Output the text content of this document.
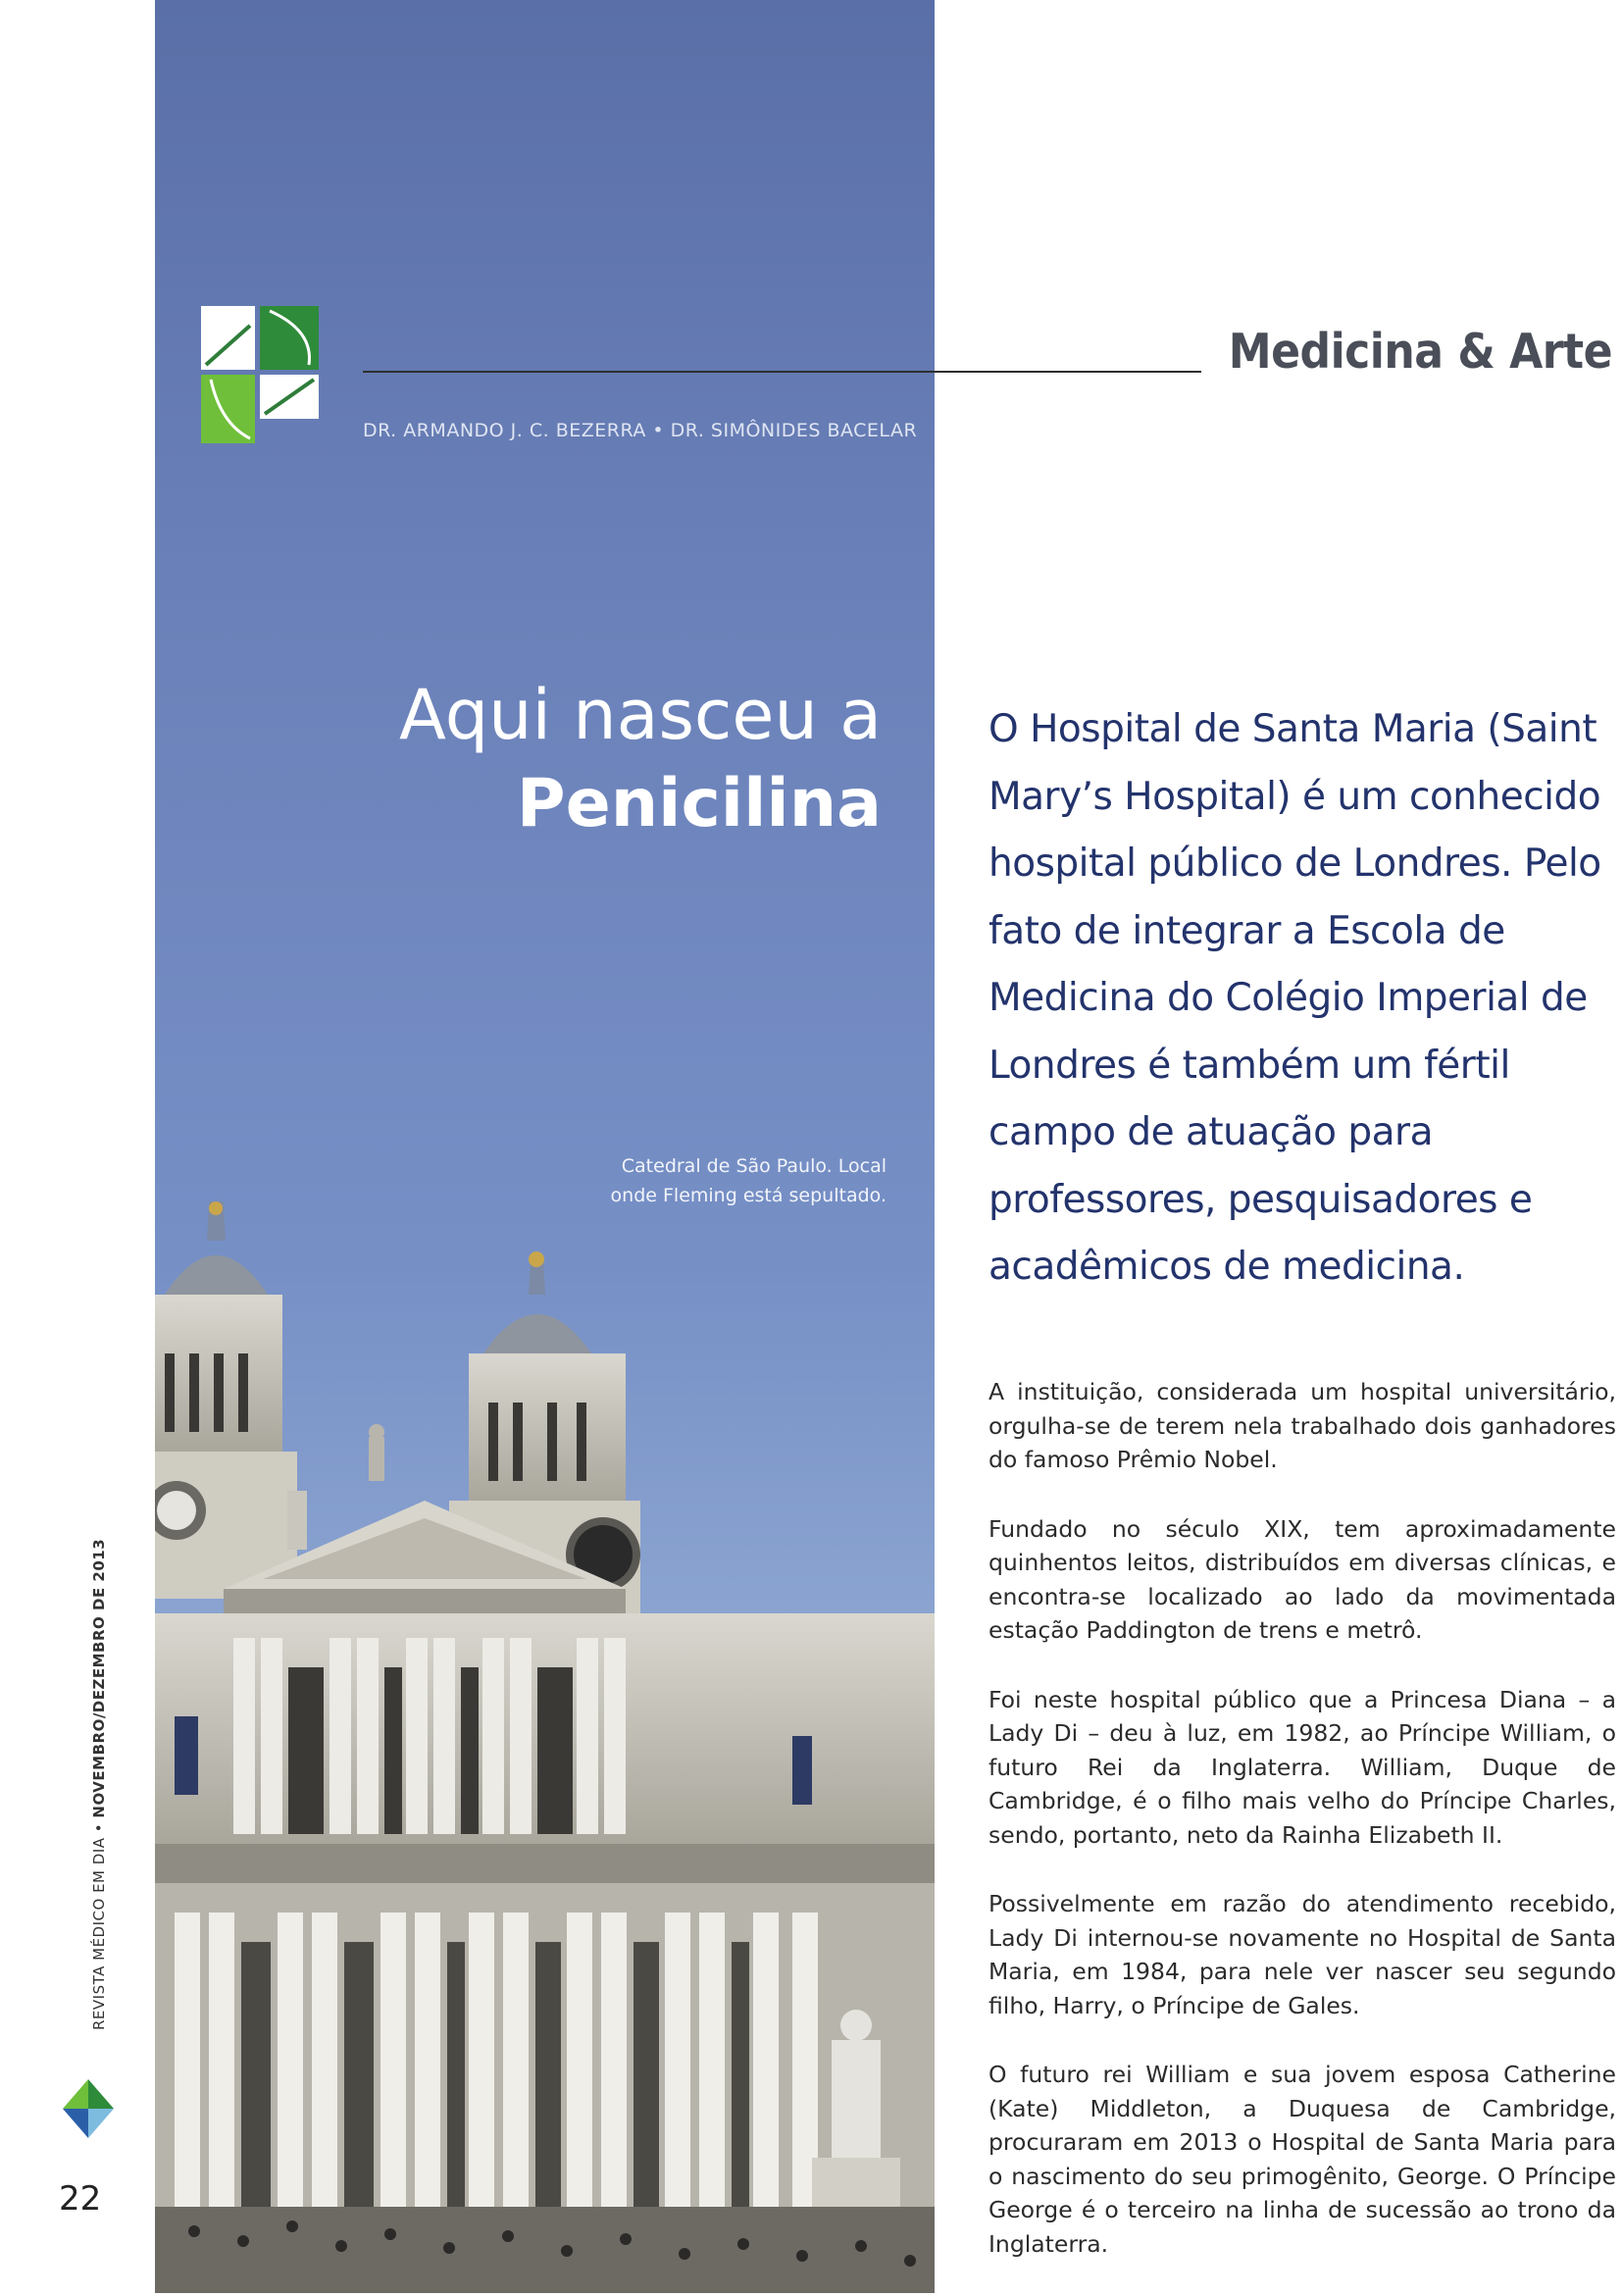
Medicina & Arte
DR. ARMANDO J. C. BEZERRA • DR. SIMÔNIDES BACELAR
Aqui nasceu a
Penicilina
Catedral de São Paulo. Local onde Fleming está sepultado.
O Hospital de Santa Maria (Saint Mary’s Hospital) é um conhecido hospital público de Londres. Pelo fato de integrar a Escola de Medicina do Colégio Imperial de Londres é também um fértil campo de atuação para professores, pesquisadores e acadêmicos de medicina.

A instituição, considerada um hospital universitário, orgulha-se de terem nela trabalhado dois ganhadores do famoso Prêmio Nobel.

Fundado no século XIX, tem aproximadamente quinhentos leitos, distribuídos em diversas clínicas, e encontra-se localizado ao lado da movimentada estação Paddington de trens e metrô.

Foi neste hospital público que a Princesa Diana – a Lady Di – deu à luz, em 1982, ao Príncipe William, o futuro Rei da Inglaterra. William, Duque de Cambridge, é o filho mais velho do Príncipe Charles, sendo, portanto, neto da Rainha Elizabeth II.

Possivelmente em razão do atendimento recebido, Lady Di internou-se novamente no Hospital de Santa Maria, em 1984, para nele ver nascer seu segundo filho, Harry, o Príncipe de Gales.

O futuro rei William e sua jovem esposa Catherine (Kate) Middleton, a Duquesa de Cambridge, procuraram em 2013 o Hospital de Santa Maria para o nascimento do seu primogênito, George. O Príncipe George é o terceiro na linha de sucessão ao trono da Inglaterra.

REVISTA MÉDICO EM DIA • NOVEMBRO/DEZEMBRO DE 2013
22
